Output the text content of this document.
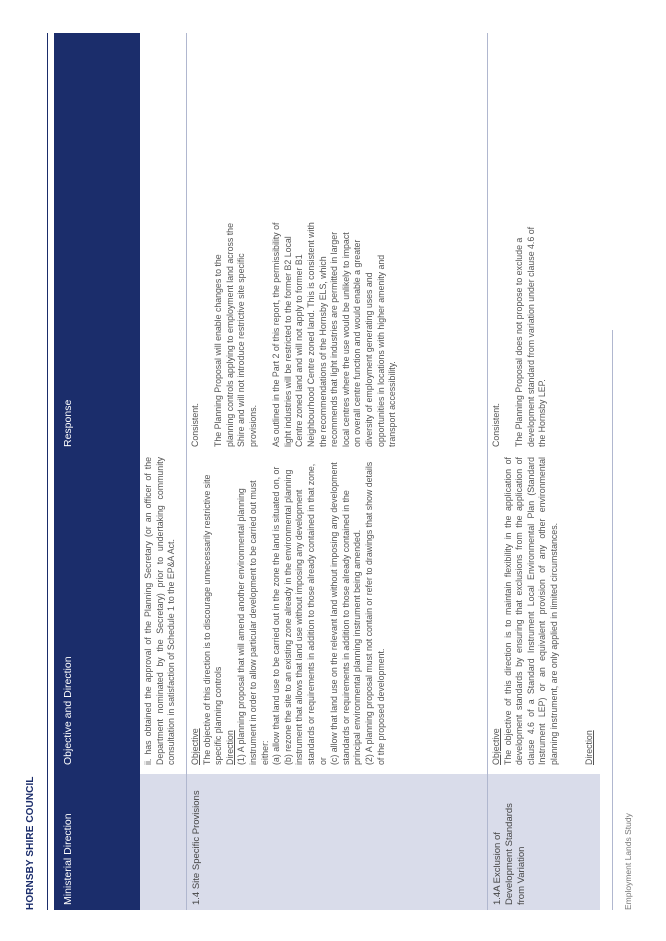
HORNSBY SHIRE COUNCIL Ministerial Direction
Objective and Direction
Response
ii. has obtained the approval of the Planning Secretary (or an officer of the Department nominated by the Secretary) prior to undertaking community consultation in satisfaction of Schedule 1 to the EP&A Act.
1.4 Site Specific Provisions

Objective The objective of this direction is to discourage unnecessarily restrictive site specific planning controls Direction (1) A planning proposal that will amend another environmental planning instrument in order to allow particular development to be carried out must either: (a) allow that land use to be carried out in the zone the land is situated on, or (b) rezone the site to an existing zone already in the environmental planning instrument that allows that land use without imposing any development standards or requirements in addition to those already contained in that zone, or (c) allow that land use on the relevant land without imposing any development standards or requirements in addition to those already contained in the principal environmental planning instrument being amended. (2) A planning proposal must not contain or refer to drawings that show details of the proposed development.

Consistent. The Planning Proposal will enable changes to the planning controls applying to employment land across the Shire and will not introduce restrictive site specific provisions. As outlined in the Part 2 of this report, the permissibility of light industries will be restricted to the former B2 Local Centre zoned land and will not apply to former B1 Neighbourhood Centre zoned land. This is consistent with the recommendations of the Hornsby ELS, which recommends that light industries are permitted in larger local centres where the use would be unlikely to impact on overall centre function and would enable a greater diversity of employment generating uses and opportunities in locations with higher amenity and transport accessibility.

1.4A Exclusion of Development Standards from Variation

Objective The objective of this direction is to maintain flexibility in the application of development standards by ensuring that exclusions from the application of clause 4.6 of a Standard Instrument Local Environmental Plan (Standard Instrument LEP) or an equivalent provision of any other environmental planning instrument, are only applied in limited circumstances.	Direction

Consistent. The Planning Proposal does not propose to exclude a development standard from variation under clause 4.6 of the Hornsby LEP.

Employment Lands Study
